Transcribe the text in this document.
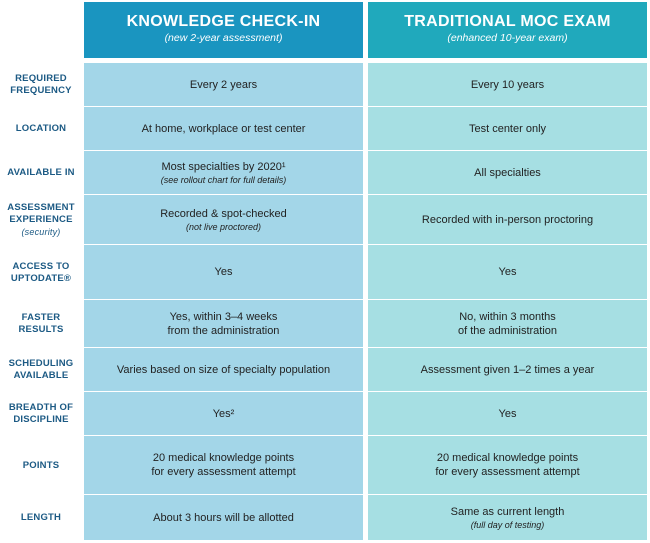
REQUIRED
FREQUENCY
LOCATION
AVAILABLE IN
ASSESSMENT
EXPERIENCE
(security)
ACCESS TO
UPTODATE®
FASTER
RESULTS
SCHEDULING
AVAILABLE
BREADTH OF
DISCIPLINE
POINTS
LENGTH
KNOWLEDGE CHECK-IN
(new 2-year assessment)
Every 2 years
At home, workplace or test center
Most specialties by 2020¹
(see rollout chart for full details)
Recorded & spot-checked
(not live proctored)
Yes
Yes, within 3–4 weeks
from the administration
Varies based on size of specialty population
Yes²
20 medical knowledge points
for every assessment attempt
About 3 hours will be allotted
TRADITIONAL MOC EXAM
(enhanced 10-year exam)
Every 10 years
Test center only
All specialties
Recorded with in-person proctoring
Yes
No, within 3 months
of the administration
Assessment given 1–2 times a year
Yes
20 medical knowledge points
for every assessment attempt
Same as current length
(full day of testing)
